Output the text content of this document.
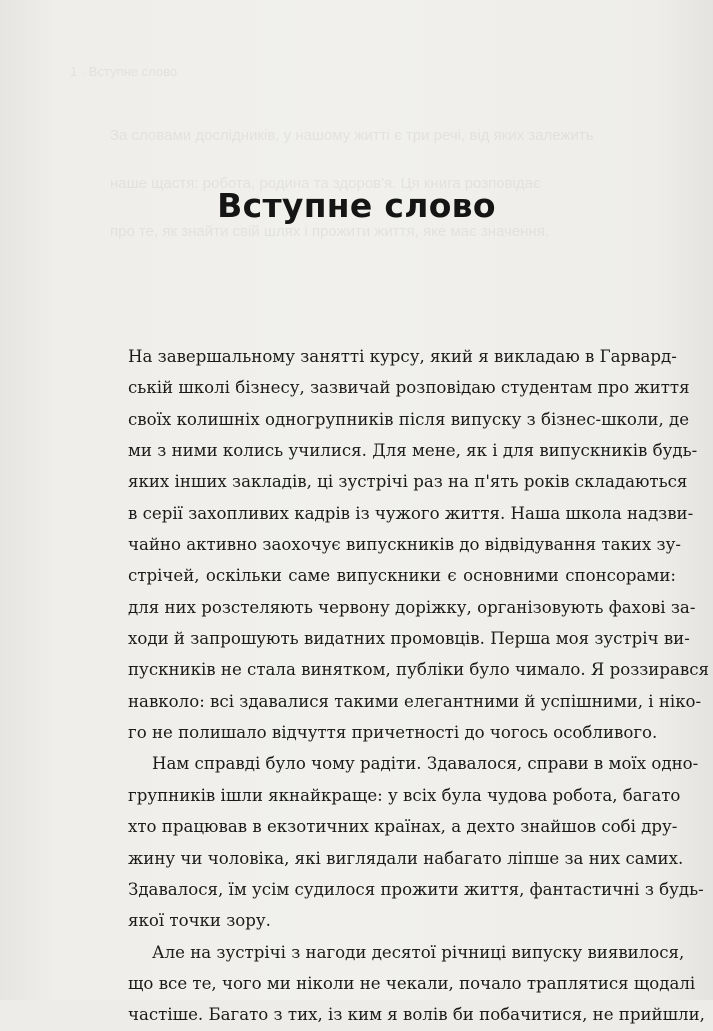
1 · Вступне слово

За словами дослідників, у нашому житті є три речі, від яких залежить

наше щастя: робота, родина та здоров'я. Ця книга розповідає

про те, як знайти свій шлях і прожити життя, яке має значення.

Вступне слово
На завершальному занятті курсу, який я викладаю в Гарвард-
ській школі бізнесу, зазвичай розповідаю студентам про життя
своїх колишніх одногрупників після випуску з бізнес-школи, де
ми з ними колись училися. Для мене, як і для випускників будь-
яких інших закладів, ці зустрічі раз на п'ять років складаються
в серії захопливих кадрів із чужого життя. Наша школа надзви-
чайно активно заохочує випускників до відвідування таких зу-
стрічей, оскільки саме випускники є основними спонсорами:
для них розстеляють червону доріжку, організовують фахові за-
ходи й запрошують видатних промовців. Перша моя зустріч ви-
пускників не стала винятком, публіки було чимало. Я роззирався
навколо: всі здавалися такими елегантними й успішними, і ніко-
го не полишало відчуття причетності до чогось особливого.
Нам справді було чому радіти. Здавалося, справи в моїх одно-
групників ішли якнайкраще: у всіх була чудова робота, багато
хто працював в екзотичних країнах, а дехто знайшов собі дру-
жину чи чоловіка, які виглядали набагато ліпше за них самих.
Здавалося, їм усім судилося прожити життя, фантастичні з будь-
якої точки зору.
Але на зустрічі з нагоди десятої річниці випуску виявилося,
що все те, чого ми ніколи не чекали, почало траплятися щодалі
частіше. Багато з тих, із ким я волів би побачитися, не прийшли,
